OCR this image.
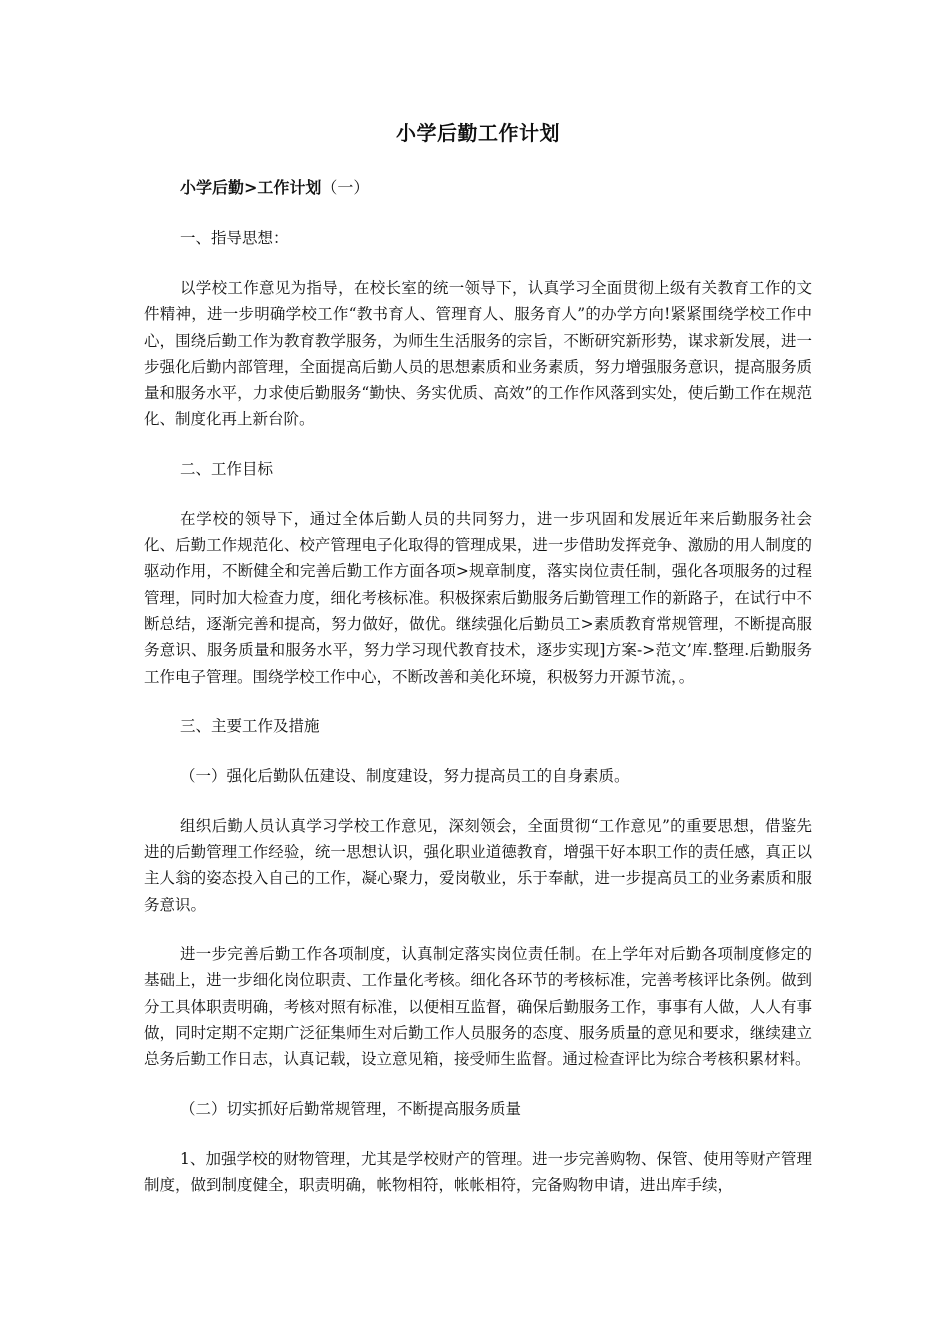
小学后勤工作计划
小学后勤>工作计划（一）
一、指导思想：
以学校工作意见为指导，在校长室的统一领导下，认真学习全面贯彻上级有关教育工作的文件精神，进一步明确学校工作“教书育人、管理育人、服务育人”的办学方向!紧紧围绕学校工作中心，围绕后勤工作为教育教学服务，为师生生活服务的宗旨，不断研究新形势，谋求新发展，进一步强化后勤内部管理，全面提高后勤人员的思想素质和业务素质，努力增强服务意识，提高服务质量和服务水平，力求使后勤服务“勤快、务实优质、高效”的工作作风落到实处，使后勤工作在规范化、制度化再上新台阶。
二、工作目标
在学校的领导下，通过全体后勤人员的共同努力，进一步巩固和发展近年来后勤服务社会化、后勤工作规范化、校产管理电子化取得的管理成果，进一步借助发挥竞争、激励的用人制度的驱动作用，不断健全和完善后勤工作方面各项>规章制度，落实岗位责任制，强化各项服务的过程管理，同时加大检查力度，细化考核标准。积极探索后勤服务后勤管理工作的新路子，在试行中不断总结，逐渐完善和提高，努力做好，做优。继续强化后勤员工>素质教育常规管理，不断提高服务意识、服务质量和服务水平，努力学习现代教育技术，逐步实现]方案->范文’库.整理.后勤服务工作电子管理。围绕学校工作中心，不断改善和美化环境，积极努力开源节流，。
三、主要工作及措施
（一）强化后勤队伍建设、制度建设，努力提高员工的自身素质。
组织后勤人员认真学习学校工作意见，深刻领会，全面贯彻“工作意见”的重要思想，借鉴先进的后勤管理工作经验，统一思想认识，强化职业道德教育，增强干好本职工作的责任感，真正以主人翁的姿态投入自己的工作，凝心聚力，爱岗敬业，乐于奉献，进一步提高员工的业务素质和服务意识。
进一步完善后勤工作各项制度，认真制定落实岗位责任制。在上学年对后勤各项制度修定的基础上，进一步细化岗位职责、工作量化考核。细化各环节的考核标准，完善考核评比条例。做到分工具体职责明确，考核对照有标准，以便相互监督，确保后勤服务工作，事事有人做，人人有事做，同时定期不定期广泛征集师生对后勤工作人员服务的态度、服务质量的意见和要求，继续建立总务后勤工作日志，认真记载，设立意见箱，接受师生监督。通过检查评比为综合考核积累材料。
（二）切实抓好后勤常规管理，不断提高服务质量
1、加强学校的财物管理，尤其是学校财产的管理。进一步完善购物、保管、使用等财产管理制度，做到制度健全，职责明确，帐物相符，帐帐相符，完备购物申请，进出库手续，
